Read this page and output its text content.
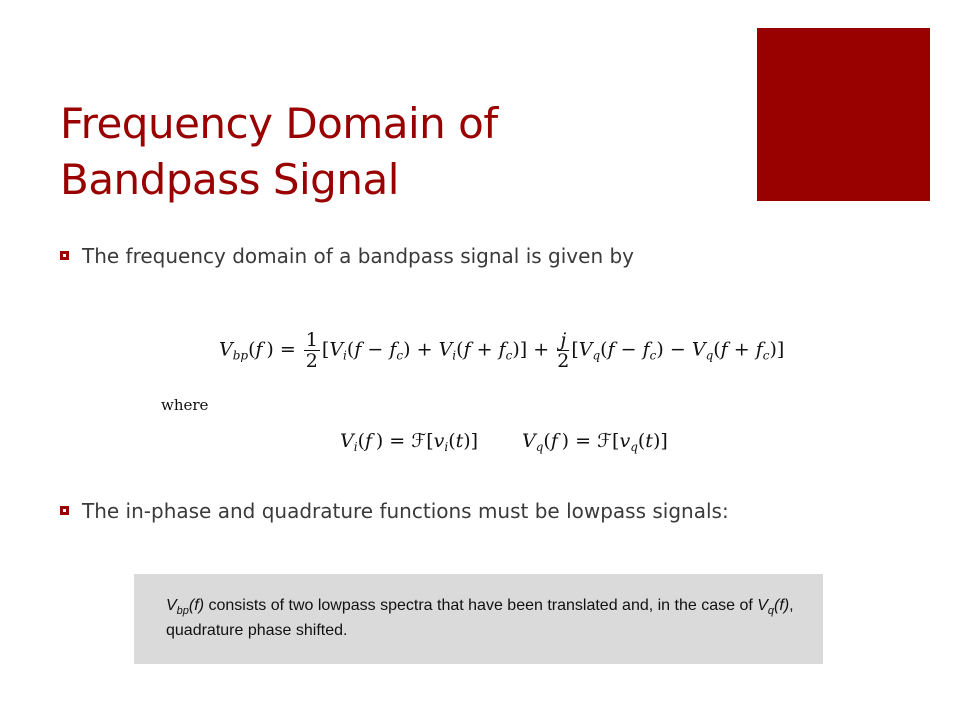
Frequency Domain of
Bandpass Signal
The frequency domain of a bandpass signal is given by
$V_{bp}(f$ ) = $\frac{1}{2} [V_i(f - f_c) + V_i(f + f_c)] + \frac{j}{2} [V_q(f - f_c) - V_q(f + f_c)]$
where
$V_i(f$ ) = $ℱ[v_i(t)]$ $V_q(f$ ) = $ℱ[v_q(t)]$
The in-phase and quadrature functions must be lowpass signals:

$V_{bp}(f)$ consists of two lowpass spectra that have been translated and, in the case of $V_q(f)$, quadrature phase shifted.
